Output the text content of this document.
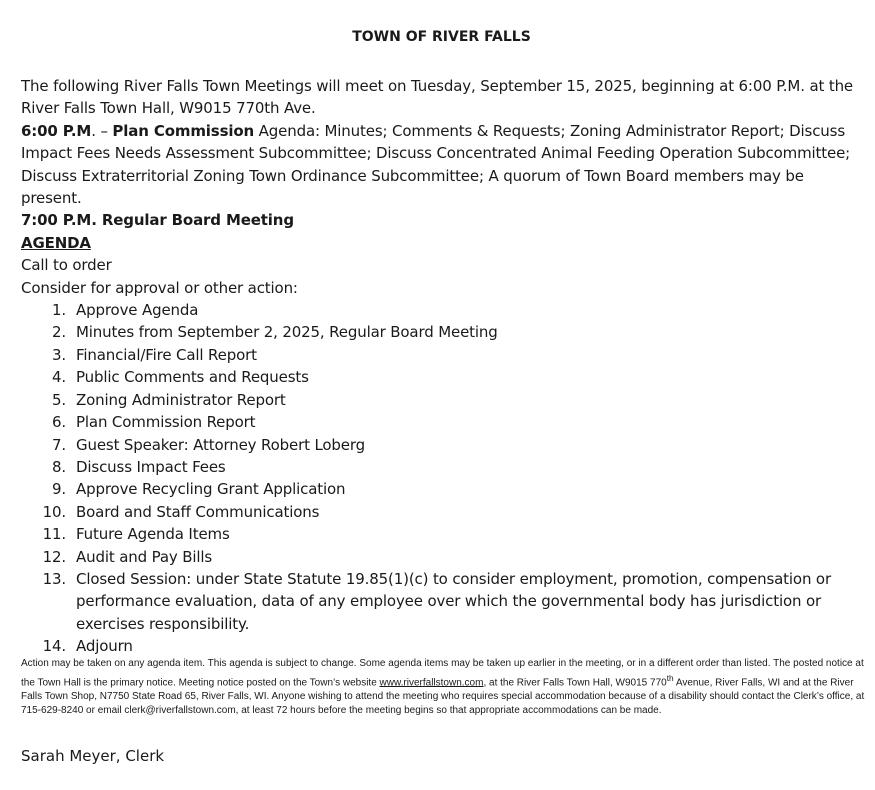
TOWN OF RIVER FALLS

The following River Falls Town Meetings will meet on Tuesday, September 15, 2025, beginning at 6:00 P.M. at the River Falls Town Hall, W9015 770th Ave.

6:00 P.M. – Plan Commission Agenda: Minutes; Comments & Requests; Zoning Administrator Report; Discuss Impact Fees Needs Assessment Subcommittee; Discuss Concentrated Animal Feeding Operation Subcommittee; Discuss Extraterritorial Zoning Town Ordinance Subcommittee; A quorum of Town Board members may be present.

7:00 P.M. Regular Board Meeting

AGENDA

Call to order

Consider for approval or other action:

1. Approve Agenda
2. Minutes from September 2, 2025, Regular Board Meeting
3. Financial/Fire Call Report
4. Public Comments and Requests
5. Zoning Administrator Report
6. Plan Commission Report
7. Guest Speaker: Attorney Robert Loberg
8. Discuss Impact Fees
9. Approve Recycling Grant Application
10. Board and Staff Communications
11. Future Agenda Items
12. Audit and Pay Bills
13. Closed Session: under State Statute 19.85(1)(c) to consider employment, promotion, compensation or performance evaluation, data of any employee over which the governmental body has jurisdiction or exercises responsibility.
14. Adjourn
Action may be taken on any agenda item. This agenda is subject to change. Some agenda items may be taken up earlier in the meeting, or in a different order than listed. The posted notice at the Town Hall is the primary notice. Meeting notice posted on the Town’s website www.riverfallstown.com, at the River Falls Town Hall, W9015 770th Avenue, River Falls, WI and at the River Falls Town Shop, N7750 State Road 65, River Falls, WI. Anyone wishing to attend the meeting who requires special accommodation because of a disability should contact the Clerk’s office, at 715-629-8240 or email clerk@riverfallstown.com, at least 72 hours before the meeting begins so that appropriate accommodations can be made.
Sarah Meyer, Clerk
